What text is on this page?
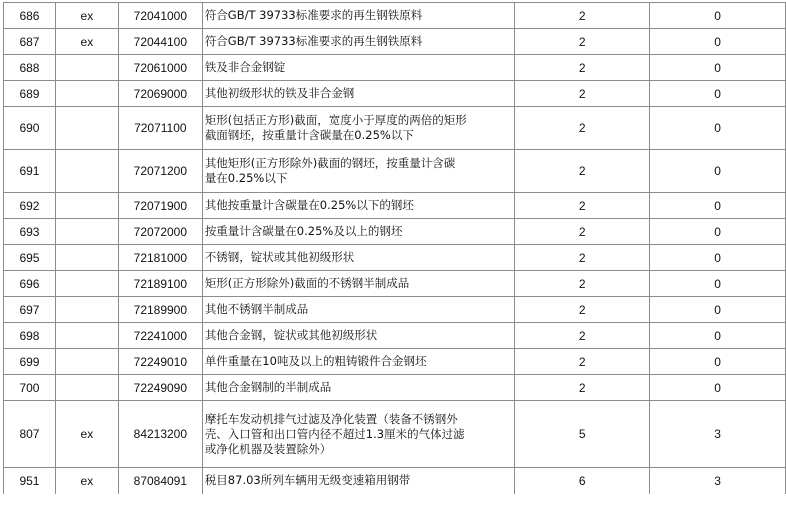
686	ex	72041000	符合GB/T 39733标准要求的再生钢铁原料	2	0
687	ex	72044100	符合GB/T 39733标准要求的再生钢铁原料	2	0
688		72061000	铁及非合金钢锭	2	0
689		72069000	其他初级形状的铁及非合金钢	2	0
690		72071100	矩形(包括正方形)截面，宽度小于厚度的两倍的矩形
截面钢坯，按重量计含碳量在0.25%以下	2	0
691		72071200	其他矩形(正方形除外)截面的钢坯，按重量计含碳
量在0.25%以下	2	0
692		72071900	其他按重量计含碳量在0.25%以下的钢坯	2	0
693		72072000	按重量计含碳量在0.25%及以上的钢坯	2	0
695		72181000	不锈钢，锭状或其他初级形状	2	0
696		72189100	矩形(正方形除外)截面的不锈钢半制成品	2	0
697		72189900	其他不锈钢半制成品	2	0
698		72241000	其他合金钢，锭状或其他初级形状	2	0
699		72249010	单件重量在10吨及以上的粗铸锻件合金钢坯	2	0
700		72249090	其他合金钢制的半制成品	2	0
807	ex	84213200	摩托车发动机排气过滤及净化装置（装备不锈钢外
壳、入口管和出口管内径不超过1.3厘米的气体过滤
或净化机器及装置除外）	5	3
951	ex	87084091	税目87.03所列车辆用无级变速箱用钢带	6	3
